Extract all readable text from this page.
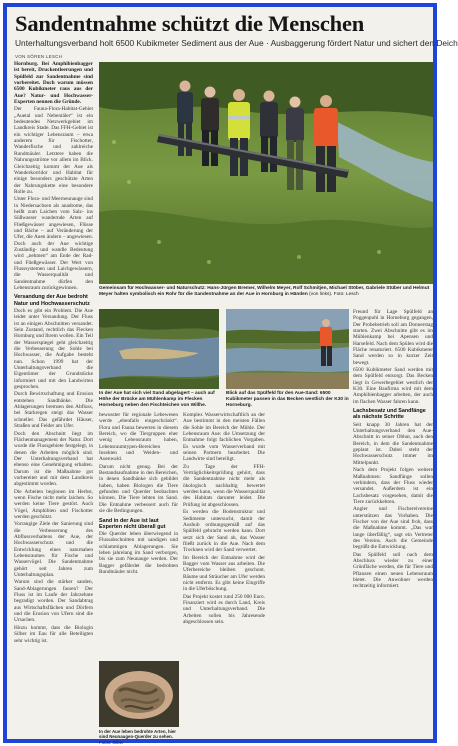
Sandentnahme schützt die Menschen
Unterhaltungsverband holt 6500 Kubikmeter Sediment aus der Aue · Ausbaggerung fördert Natur und sichert den Deich
VON SÖREN LESCH

Hornburg. Bei Amphibienbagger ist bereit, Druckentleerungen und Spülfeld zur Sandentnahme sind vorbereitet. Doch warum müssen 6500 Kubikmeter raus aus der Aue? Natur- und Hochwasser-Experten nennen die Gründe.

Der Fauna-Flora-Habitat-Gebiet „Auetal und Nebentäler“ ist ein bedeutendes Netzwerkgebiet im Landkreis Stade. Das FFH-Gebiet ist ein wichtiger Lebensraum – etwa anderem für Fischotter, Wanderfische und zahlreiche Rundmäuler. Letztere haben die Nahrungsströme vor allem im Blick. Gleichzeitig kommt der Aue als Wanderkorridor und Habitat für einige besonders geschützte Arten der Nahrungskette eine besondere Rolle zu.

Unter Flora- und Meerneunauge sind in Niedersachsen als anadrome, das heißt zum Laichen vom Salz- ins Süßwasser wandernde Arten auf Fließgewässer angewiesen, Flüsse und Bäche – auf Veränderung der Ufer, die Auen ändern – angewiesen. Doch auch der Aue wichtige Zuständig- und wandle Bedeutung wird „nehmen“ am Ende der Rad- und Fließgewässer. Der Wert von Flusssystemen und Laichgewässern, die Wasserqualität und Sandentnahme dürfen den Lebensraum zurückgewinnen.

Versandung der Aue bedroht Natur und Hochwasserschutz

Doch es gibt ein Problem. Die Aue leidet unter Versandung. Der Fluss ist an einigen Abschnitten versandet. Sein Zustand, rechtlich das Flecken Hornburg und Ihrem wollen. Ein Teil der Wasserspiegel geht gleichzeitig die Verbesserung der Sohle bei Hochwasser, die Aufgabe besteht nun. Schon 1999 hat der Unterhaltungsverband die Eigentümer der Grundstücke informiert und mit den Landwirten gesprochen.

Durch Bewirtschaftung und Erosion entstehen Sandbänke. Die Ablagerungen bremsen den Abfluss, bei Starkregen steigt das Wasser schneller. Das gefährdet Häuser, Straßen und Felder am Ufer.

Doch den Abschnitt liegt im Flächenmanagement der Natur. Dort wurde die Flussgebiete festgelegt, in denen die Arbeiten möglich sind. Der Unterhaltungsverband hat ebenso eine Genehmigung erhalten. Darum ist die Maßnahme gut vorbereitet und mit dem Landkreis abgestimmt worden.

Die Arbeiten beginnen im Herbst, wenn Fische nicht mehr laichen. So werden keine Tiere gestört. Auch Vögel, Amphibien und Fischotter werden geschützt.

Vorrangige Ziele der Sanierung sind die Verbesserung des Abflussverhaltens der Aue, der Hochwasserschutz und die Entwicklung eines naturnahen Lebensraumes für Fische und Wasservögel. Die Sandentnahme gehört seit Jahren zum Unterhaltungsplan.

Warum sind die stärker sanden, Sand-Ablagerungen fassen? Der Fluss ist im Laufe der Jahrzehnte begradigt worden. Der Sandabtrag aus Wirtschaftsflächen und Dörfern und die Erosion von Ufern sind die Ursachen.

Hinzu kommt, dass die Biologin Silber im Eau für alle Beteiligten sehr wichtig ist.

Gemeinsam für Hochwasser- und Naturschutz: Hans-Jürgen Bremer, Wilhelm Meyer, Rolf Schmitjen, Michael Stöber, Gabriele Stüber und Helmut Meyer halten symbolisch ein Rohr für die Sandentnahme an der Aue in Hornburg in Händen (von links). Foto: Lesch
In der Aue hat sich viel Sand abgelagert – auch auf Höhe der Brücke am Mühlenkamp im Flecken Horneburg neben den Fischteichen von Willhe.
Blick auf das Spülfeld für den Aue-Sand: 6500 Kubikmeter passen in das Becken westlich der K30 in Horneburg.

bewusster für regionale Lebewesen werde „ebenfalls eingeschränkt“. Flora und Fauna bewerten in diesem Bereich, wo die Tiergruppen eher wenig Lebensraum haben, Lebensraumtypen-Bereichen Insekten und Weiden- und Auenwald.

Darum nicht genug. Bei der Bestandsaufnahme in den Bereichen, in denen Sandbänke sich gebildet haben, haben Biologen die Tiere gefunden und Querder beobachten können. Die Tiere lebten im Sand. Die Entnahme verbessert auch für sie die Bedingungen.

Sand in der Aue ist laut Experten nicht überall gut

Die Querder leben überwiegend in Flussabschnitten mit sandigen und schlammigen Ablagerungen. Sie leben jahrelang im Sand verborgen, bis sie zum Neunauge werden. Der Bagger gefährdet die bedrohten Rundmäuler nicht.

Komplex Wasserwirtschaftlich an der Aue bestimmt in den meisten Fällen die Sohle im Bereich der Mühle. Der Lebensraum Aue: die Umsetzung der Entnahme folgt fachlichen Vorgaben. Es wurde vom Wasserverband mit seinen Partnern bearbeitet. Die Landwirte sind beteiligt.

Zu Tage der FFH-Verträglichkeitsprüfung gehört, dass die Sandentnahme nicht mehr als ökologisch nachhaltig bewertet werden kann, wenn die Wasserqualität des Habitats darunter leidet. Die Prüfung ist abgeschlossen.

Es werden die Bodenstruktur und Sedimente untersucht, damit der Aushub ordnungsgemäß auf das Spülfeld gebracht werden kann. Dort setzt sich der Sand ab, das Wasser fließt zurück in die Aue. Nach dem Trocknen wird der Sand verwertet.

Im Bereich der Entnahme wird der Bagger vom Wasser aus arbeiten. Die Uferbereiche bleiben geschont. Bäume und Sträucher am Ufer werden nicht entfernt. Es gibt keine Eingriffe in die Uferböschung.

Das Projekt kostet rund 250 000 Euro. Finanziert wird es durch Land, Kreis und Unterhaltungsverband. Die Arbeiten sollen bis Jahresende abgeschlossen sein.

Freund für Lage Spülfeld an Poggenpuhl in Horneburg gegangen, Der Probebetrieb soll am Donnerstag starten. Zwei Abschnitte gibt es im Mühlenkamp bei Apensen und Harsefeld. Nach dem Spülen wird die Fläche renaturiert. 6500 Kubikmeter Sand werden so in kurzer Zeit bewegt.

6500 Kubikmeter Sand werden mit dem Spülfeld entsorgt. Das Becken liegt in Gewerbegebiet westlich der K30. Eine Baufirma wird mit dem Amphibienbagger arbeiten, der auch im flachen Wasser fahren kann.

Lachsbesatz und Sandfänge als nächste Schritte

Seit knapp 30 Jahren hat der Unterhaltungsverband den Aue-Abschnitt in seiner Obhut, auch den Bereich, in dem die Sandentnahme geplant ist. Dabei steht der Hochwasserschutz immer im Mittelpunkt.

Nach dem Projekt folgen weitere Maßnahmen: Sandfänge sollen verhindern, dass der Fluss wieder versandet. Außerdem ist ein Lachsbesatz vorgesehen, damit die Tiere zurückkehren.

Angler und Fischereivereine unterstützen das Vorhaben. Die Fischer von der Aue sind froh, dass die Maßnahme kommt. „Das war lange überfällig“, sagt ein Vertreter des Vereins. Auch die Gemeinde begrüßt die Entwicklung.

Das Spülfeld soll nach dem Abschluss wieder zu einer Grünfläche werden, die für Tiere und Pflanzen einen neuen Lebensraum bietet. Die Anwohner werden rechtzeitig informiert.

In der Aue leben bedrohte Arten, hier sind Neunaugen-Querder zu sehen. Fotos: Silber
